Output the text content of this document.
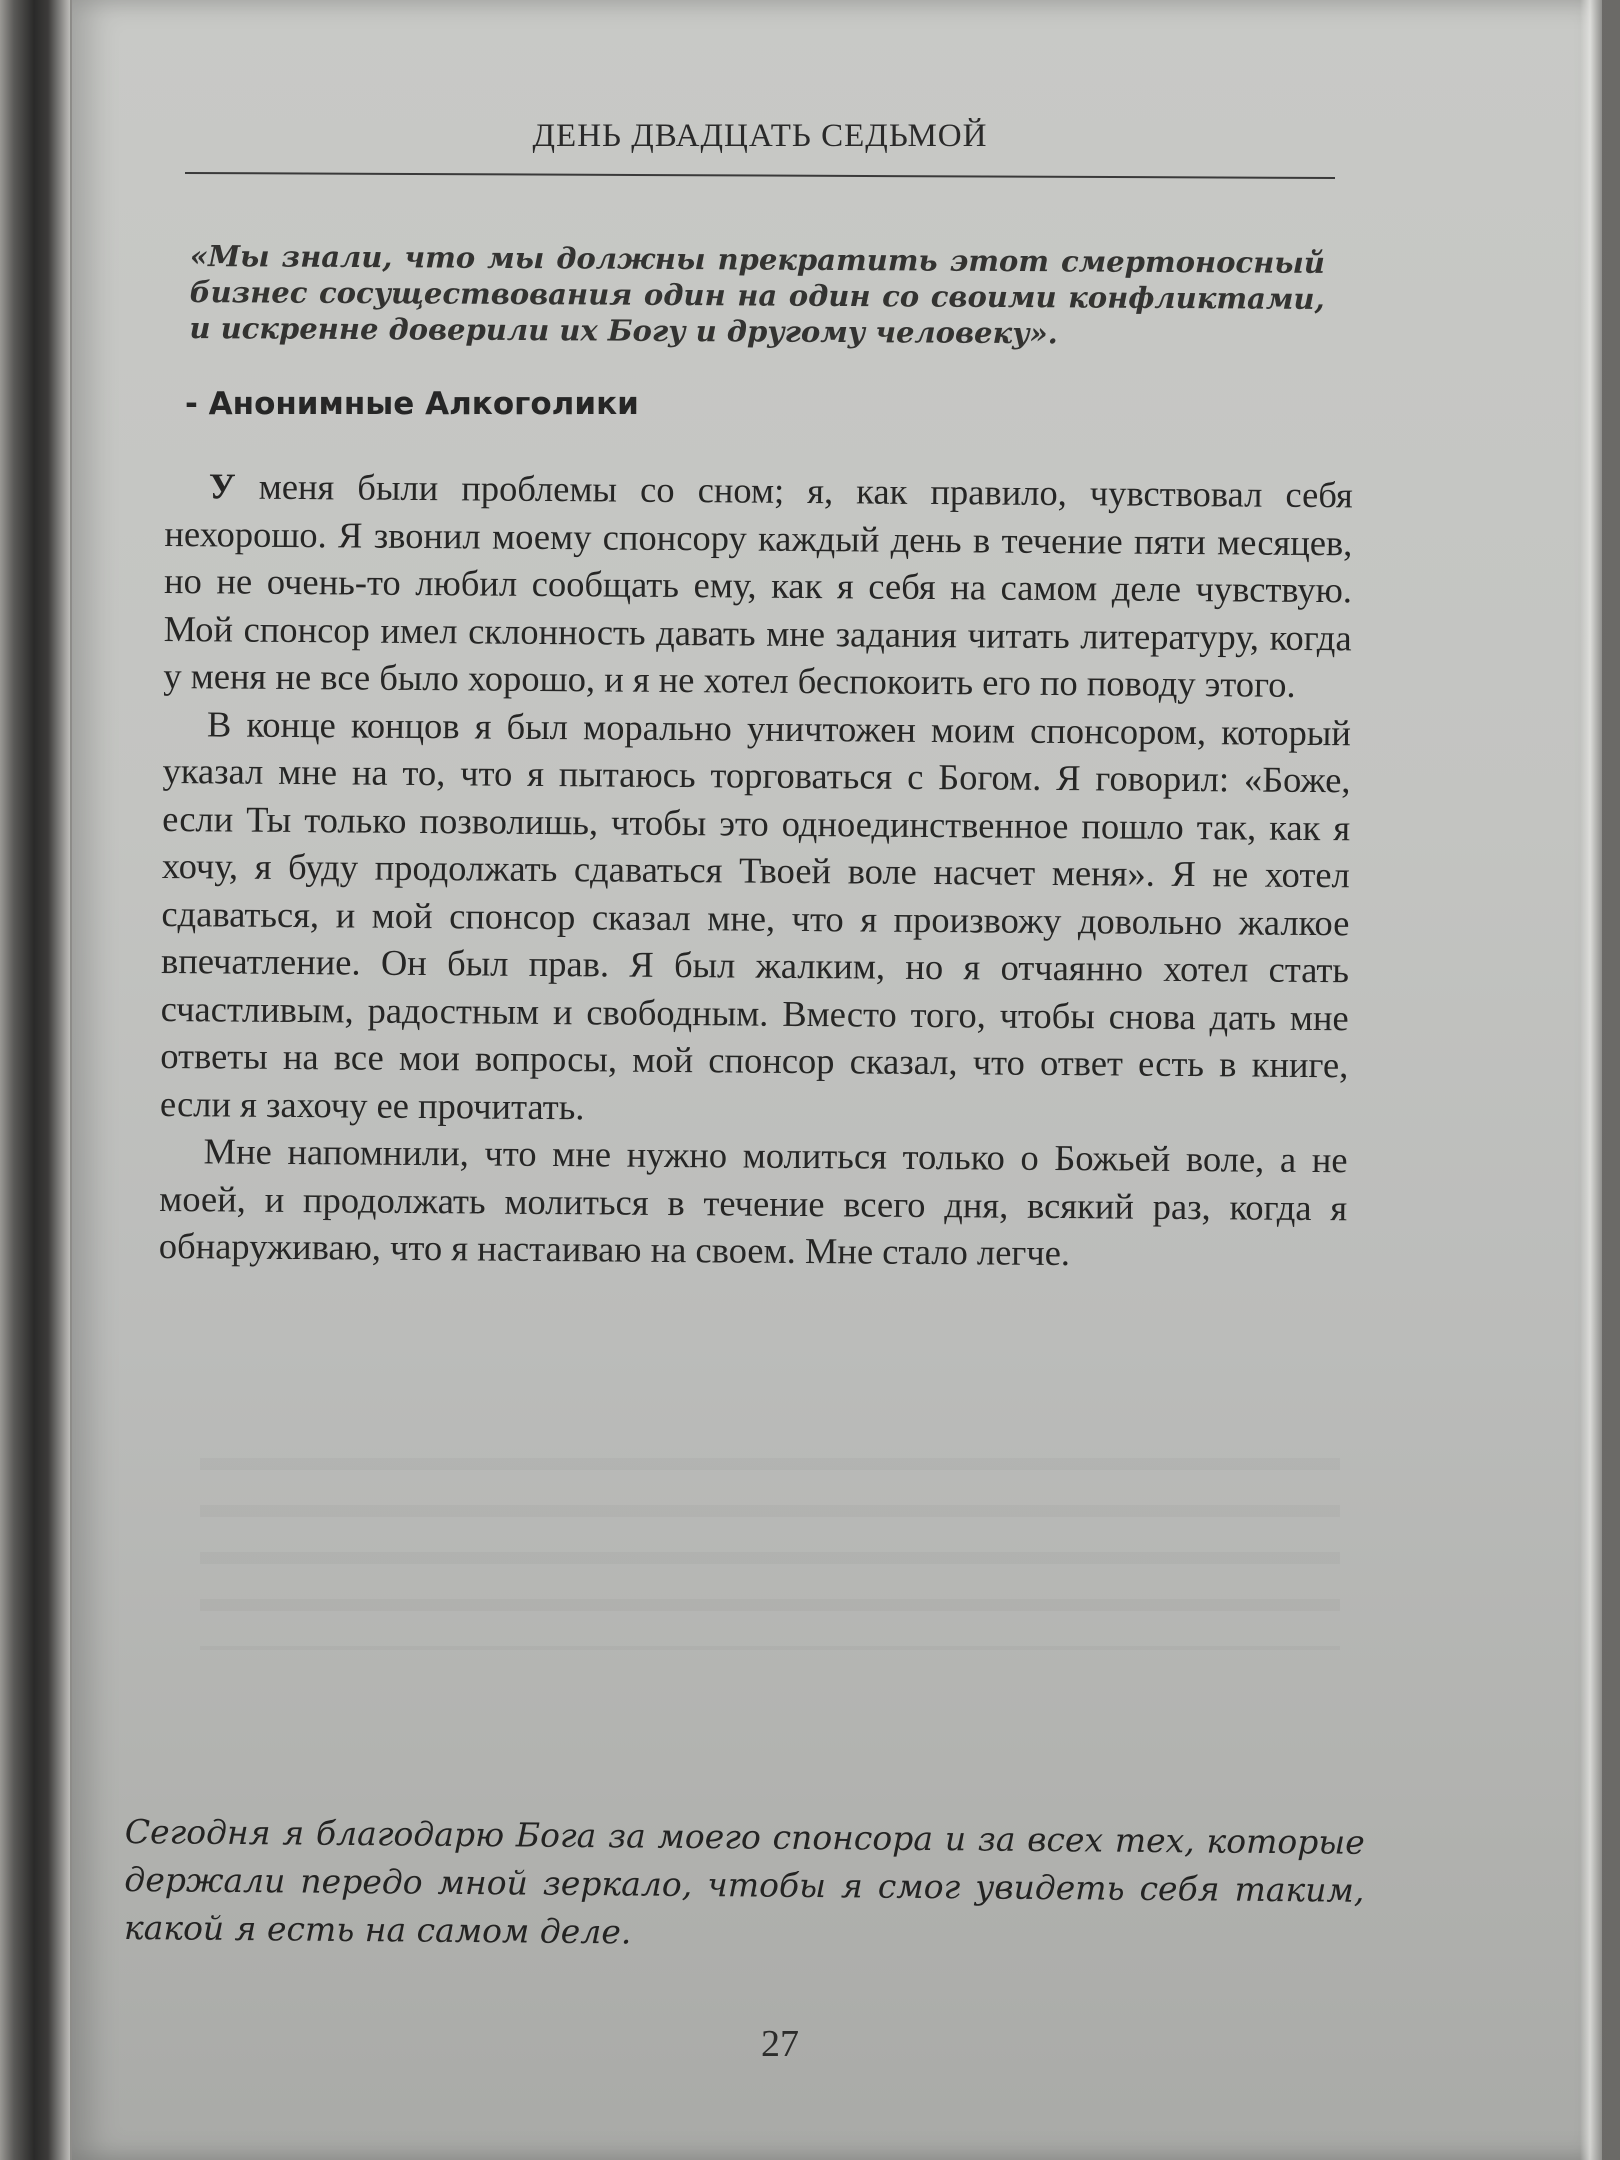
ДЕНЬ ДВАДЦАТЬ СЕДЬМОЙ
«Мы знали, что мы должны прекратить этот смертоносный бизнес сосуществования один на один со своими конфликтами, и искренне доверили их Богу и другому человеку».
- Анонимные Алкоголики

У меня были проблемы со сном; я, как правило, чувствовал себя нехорошо. Я звонил моему спонсору каждый день в течение пяти месяцев, но не очень-то любил сообщать ему, как я себя на самом деле чувствую. Мой спонсор имел склонность давать мне задания читать литературу, когда у меня не все было хорошо, и я не хотел беспокоить его по поводу этого.

В конце концов я был морально уничтожен моим спонсором, который указал мне на то, что я пытаюсь торговаться с Богом. Я говорил: «Боже, если Ты только позволишь, чтобы это одноединственное пошло так, как я хочу, я буду продолжать сдаваться Твоей воле насчет меня». Я не хотел сдаваться, и мой спонсор сказал мне, что я произвожу довольно жалкое впечатление. Он был прав. Я был жалким, но я отчаянно хотел стать счастливым, радостным и свободным. Вместо того, чтобы снова дать мне ответы на все мои вопросы, мой спонсор сказал, что ответ есть в книге, если я захочу ее прочитать.

Мне напомнили, что мне нужно молиться только о Божьей воле, а не моей, и продолжать молиться в течение всего дня, всякий раз, когда я обнаруживаю, что я настаиваю на своем. Мне стало легче.

Сегодня я благодарю Бога за моего спонсора и за всех тех, которые держали передо мной зеркало, чтобы я смог увидеть себя таким, какой я есть на самом деле.
27
